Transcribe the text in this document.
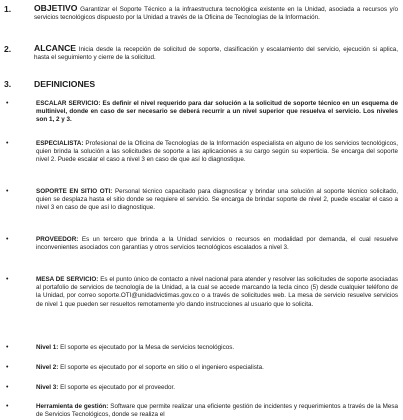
1.	OBJETIVO Garantizar el Soporte Técnico a la infraestructura tecnológica existente en la Unidad, asociada a recursos y/o servicios tecnológicos dispuesto por la Unidad a través de la Oficina de Tecnologías de la Información.
2.	ALCANCE Inicia desde la recepción de solicitud de soporte, clasificación y escalamiento del servicio, ejecución si aplica, hasta el seguimiento y cierre de la solicitud.
3.	DEFINICIONES
•	ESCALAR SERVICIO: Es definir el nivel requerido para dar solución a la solicitud de soporte técnico en un esquema de multinivel, donde en caso de ser necesario se deberá recurrir a un nivel superior que resuelva el servicio. Los niveles son 1, 2 y 3.
•	ESPECIALISTA: Profesional de la Oficina de Tecnologías de la Información especialista en alguno de los servicios tecnológicos, quien brinda la solución a las solicitudes de soporte a las aplicaciones a su cargo según su experticia. Se encarga del soporte nivel 2. Puede escalar el caso a nivel 3 en caso de que así lo diagnostique.
•	SOPORTE EN SITIO OTI: Personal técnico capacitado para diagnosticar y brindar una solución al soporte técnico solicitado, quien se desplaza hasta el sitio donde se requiere el servicio. Se encarga de brindar soporte de nivel 2, puede escalar el caso a nivel 3 en caso de que así lo diagnostique.
•	PROVEEDOR: Es un tercero que brinda a la Unidad servicios o recursos en modalidad por demanda, el cual resuelve inconvenientes asociados con garantías y otros servicios tecnológicos escalados a nivel 3.
•	MESA DE SERVICIO: Es el punto único de contacto a nivel nacional para atender y resolver las solicitudes de soporte asociadas al portafolio de servicios de tecnología de la Unidad, a la cual se accede marcando la tecla cinco (5) desde cualquier teléfono de la Unidad, por correo soporte.OTI@unidadvictimas.gov.co o a través de solicitudes web. La mesa de servicio resuelve servicios de nivel 1 que pueden ser resueltos remotamente y/o dando instrucciones al usuario que lo solicita.
•	Nivel 1: El soporte es ejecutado por la Mesa de servicios tecnológicos.
•	Nivel 2: El soporte es ejecutado por el soporte en sitio o el ingeniero especialista.
•	Nivel 3: El soporte es ejecutado por el proveedor.
•	Herramienta de gestión: Software que permite realizar una eficiente gestión de incidentes y requerimientos a través de la Mesa de Servicios Tecnológicos, donde se realiza el
